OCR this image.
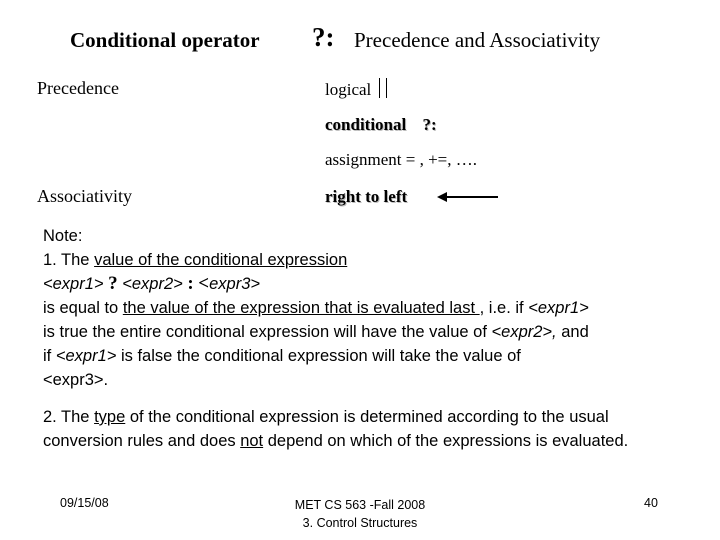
Conditional operator ?: Precedence and Associativity
Precedence	logical
conditional ?:
assignment = , +=, ….
Associativity	right to left

Note:

1. The value of the conditional expression

<expr1> ? <expr2> : <expr3>

is equal to the value of the expression that is evaluated last , i.e. if <expr1>

is true the entire conditional expression will have the value of <expr2>, and

if <expr1> is false the conditional expression will take the value of

<expr3>.

2. The type of the conditional expression is determined according to the usual conversion rules and does not depend on which of the expressions is evaluated.

09/15/08	MET CS 563 -Fall 2008
3. Control Structures
40
